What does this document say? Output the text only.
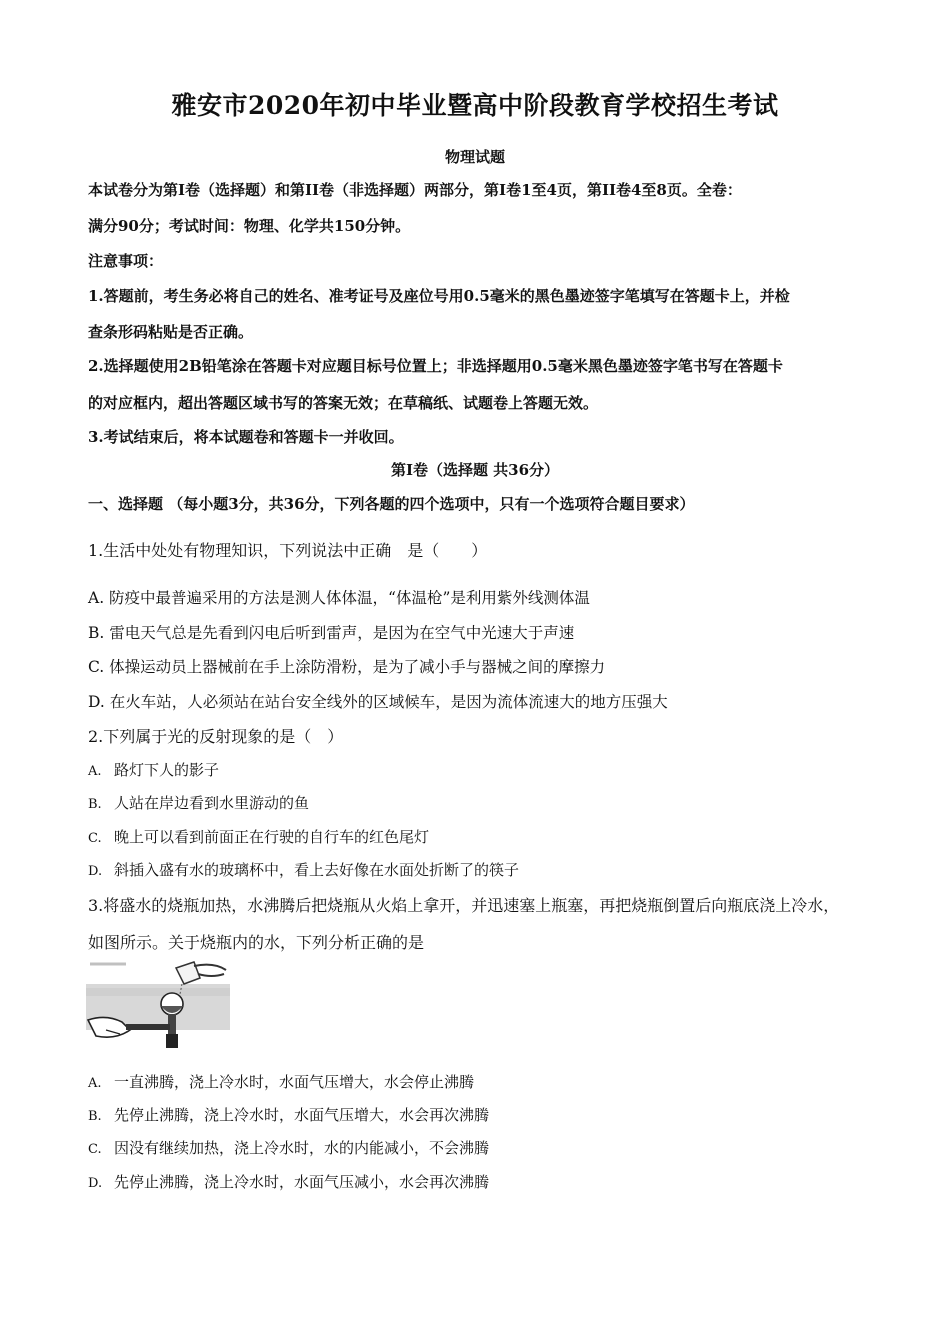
雅安市2020年初中毕业暨高中阶段教育学校招生考试
物理试题
本试卷分为第I卷（选择题）和第II卷（非选择题）两部分，第I卷1至4页，第II卷4至8页。全卷：
满分90分；考试时间：物理、化学共150分钟。
注意事项：
1.答题前，考生务必将自己的姓名、准考证号及座位号用0.5毫米的黑色墨迹签字笔填写在答题卡上，并检
查条形码粘贴是否正确。
2.选择题使用2B铅笔涂在答题卡对应题目标号位置上；非选择题用0.5毫米黑色墨迹签字笔书写在答题卡
的对应框内，超出答题区域书写的答案无效；在草稿纸、试题卷上答题无效。
3.考试结束后，将本试题卷和答题卡一并收回。
第I卷（选择题 共36分）
一、选择题 （每小题3分，共36分，下列各题的四个选项中，只有一个选项符合题目要求）
1.生活中处处有物理知识，下列说法中正确　是（　　）
A. 防疫中最普遍采用的方法是测人体体温，“体温枪”是利用紫外线测体温
B. 雷电天气总是先看到闪电后听到雷声，是因为在空气中光速大于声速
C. 体操运动员上器械前在手上涂防滑粉，是为了减小手与器械之间的摩擦力
D. 在火车站，人必须站在站台安全线外的区域候车，是因为流体流速大的地方压强大
2.下列属于光的反射现象的是（　）
A. 路灯下人的影子
B. 人站在岸边看到水里游动的鱼
C. 晚上可以看到前面正在行驶的自行车的红色尾灯
D. 斜插入盛有水的玻璃杯中，看上去好像在水面处折断了的筷子
3.将盛水的烧瓶加热，水沸腾后把烧瓶从火焰上拿开，并迅速塞上瓶塞，再把烧瓶倒置后向瓶底浇上冷水，
如图所示。关于烧瓶内的水，下列分析正确的是
A. 一直沸腾，浇上冷水时，水面气压增大，水会停止沸腾
B. 先停止沸腾，浇上冷水时，水面气压增大，水会再次沸腾
C. 因没有继续加热，浇上冷水时，水的内能减小，不会沸腾
D. 先停止沸腾，浇上冷水时，水面气压减小，水会再次沸腾
